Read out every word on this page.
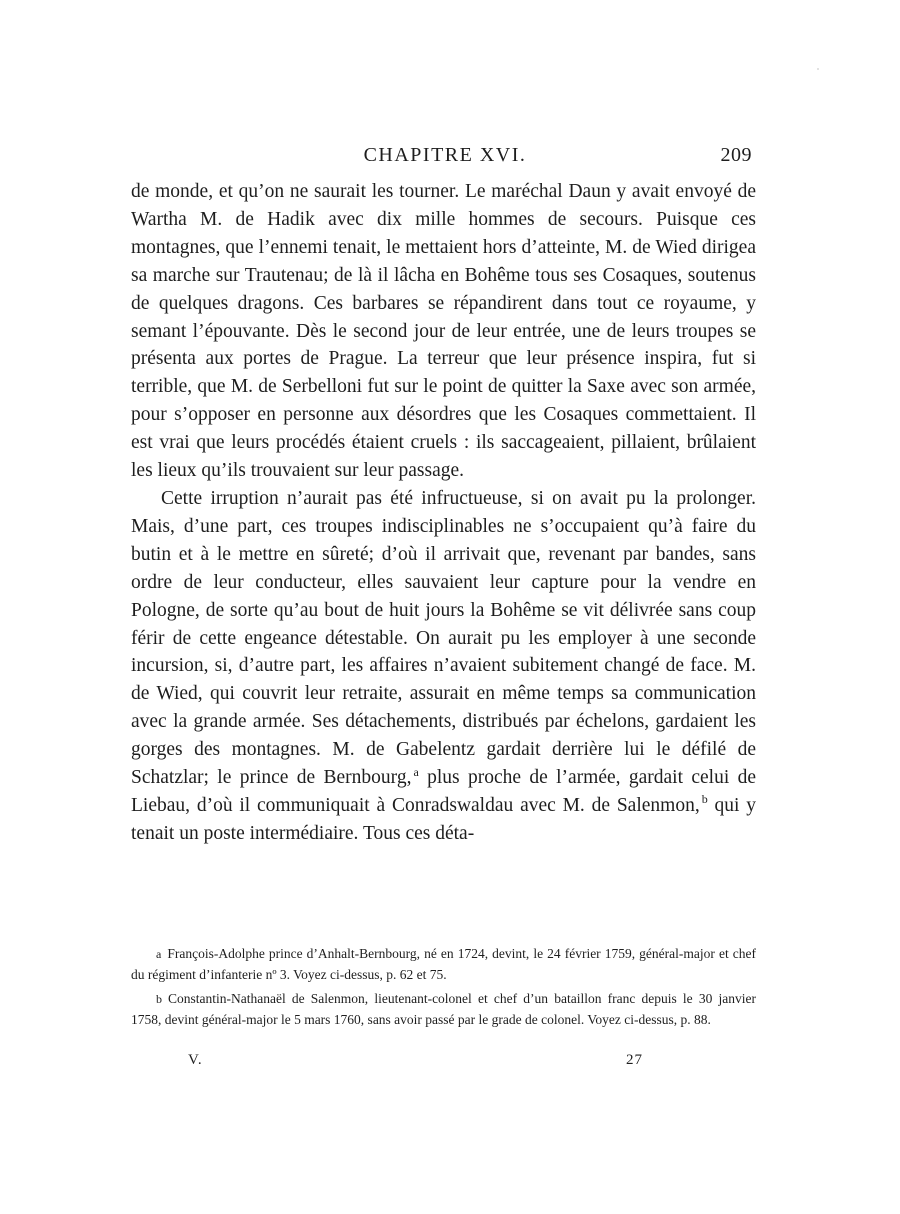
CHAPITRE XVI.	209

de monde, et qu’on ne saurait les tourner. Le maréchal Daun y avait envoyé de Wartha M. de Hadik avec dix mille hommes de secours. Puisque ces montagnes, que l’ennemi tenait, le mettaient hors d’atteinte, M. de Wied dirigea sa marche sur Trautenau; de là il lâcha en Bohême tous ses Cosaques, soutenus de quelques dragons. Ces barbares se répandirent dans tout ce royaume, y semant l’épouvante. Dès le second jour de leur entrée, une de leurs troupes se présenta aux portes de Prague. La terreur que leur présence inspira, fut si terrible, que M. de Serbelloni fut sur le point de quitter la Saxe avec son armée, pour s’opposer en personne aux désordres que les Cosaques commettaient. Il est vrai que leurs procédés étaient cruels : ils saccageaient, pillaient, brûlaient les lieux qu’ils trouvaient sur leur passage.

Cette irruption n’aurait pas été infructueuse, si on avait pu la prolonger. Mais, d’une part, ces troupes indisciplinables ne s’occupaient qu’à faire du butin et à le mettre en sûreté; d’où il arrivait que, revenant par bandes, sans ordre de leur conducteur, elles sauvaient leur capture pour la vendre en Pologne, de sorte qu’au bout de huit jours la Bohême se vit délivrée sans coup férir de cette engeance détestable. On aurait pu les employer à une seconde incursion, si, d’autre part, les affaires n’avaient subitement changé de face. M. de Wied, qui couvrit leur retraite, assurait en même temps sa communication avec la grande armée. Ses détachements, distribués par échelons, gardaient les gorges des montagnes. M. de Gabelentz gardait derrière lui le défilé de Schatzlar; le prince de Bernbourg, $^a$ plus proche de l’armée, gardait celui de Liebau, d’où il communiquait à Conradswaldau avec M. de Salenmon, $^b$ qui y tenait un poste intermédiaire. Tous ces déta-

a François-Adolphe prince d’Anhalt-Bernbourg, né en 1724, devint, le 24 février 1759, général-major et chef du régiment d’infanterie nº 3. Voyez ci-dessus, p. 62 et 75.

b Constantin-Nathanaël de Salenmon, lieutenant-colonel et chef d’un bataillon franc depuis le 30 janvier 1758, devint général-major le 5 mars 1760, sans avoir passé par le grade de colonel. Voyez ci-dessus, p. 88.

V.	27
